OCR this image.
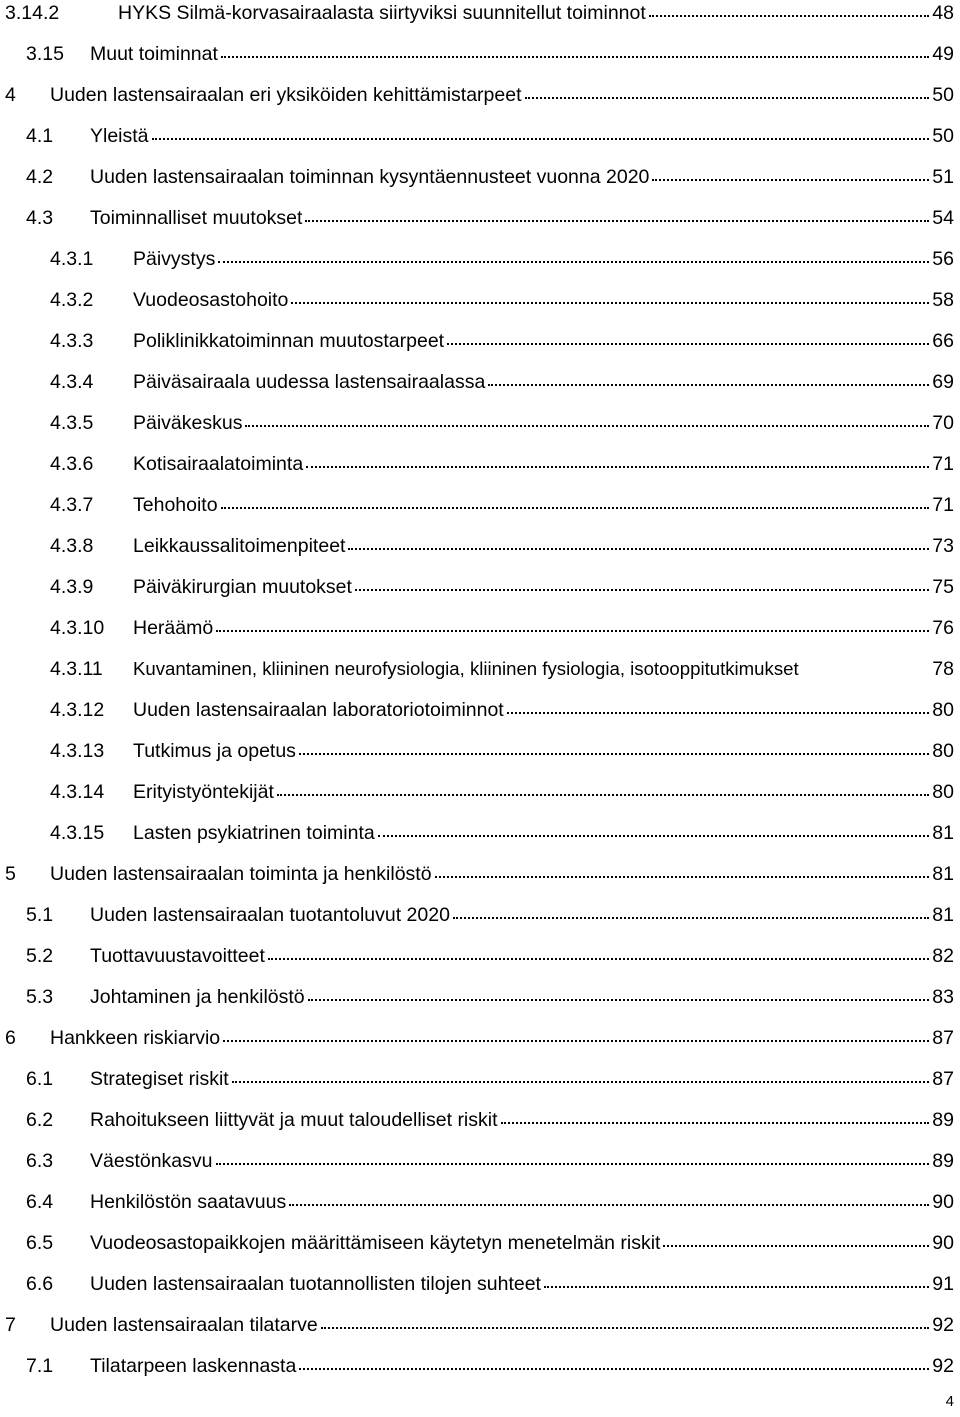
3.14.2	HYKS Silmä-korvasairaalasta siirtyviksi suunnitellut toiminnot	48
3.15 Muut toiminnat	49
4 Uuden lastensairaalan eri yksiköiden kehittämistarpeet	50
4.1 Yleistä	50
4.2 Uuden lastensairaalan toiminnan kysyntäennusteet vuonna 2020	51
4.3 Toiminnalliset muutokset	54
4.3.1 Päivystys	56
4.3.2 Vuodeosastohoito	58
4.3.3 Poliklinikkatoiminnan muutostarpeet	66
4.3.4 Päiväsairaala uudessa lastensairaalassa	69
4.3.5 Päiväkeskus	70
4.3.6 Kotisairaalatoiminta	71
4.3.7 Tehohoito	71
4.3.8 Leikkaussalitoimenpiteet	73
4.3.9 Päiväkirurgian muutokset	75
4.3.10 Heräämö	76
4.3.11 Kuvantaminen, kliininen neurofysiologia, kliininen fysiologia, isotooppitutkimukset	78
4.3.12 Uuden lastensairaalan laboratoriotoiminnot	80
4.3.13 Tutkimus ja opetus	80
4.3.14 Erityistyöntekijät	80
4.3.15 Lasten psykiatrinen toiminta	81
5 Uuden lastensairaalan toiminta ja henkilöstö	81
5.1 Uuden lastensairaalan tuotantoluvut 2020	81
5.2 Tuottavuustavoitteet	82
5.3 Johtaminen ja henkilöstö	83
6 Hankkeen riskiarvio	87
6.1 Strategiset riskit	87
6.2 Rahoitukseen liittyvät ja muut taloudelliset riskit	89
6.3 Väestönkasvu	89
6.4 Henkilöstön saatavuus	90
6.5 Vuodeosastopaikkojen määrittämiseen käytetyn menetelmän riskit	90
6.6 Uuden lastensairaalan tuotannollisten tilojen suhteet	91
7 Uuden lastensairaalan tilatarve	92
7.1 Tilatarpeen laskennasta	92
4
